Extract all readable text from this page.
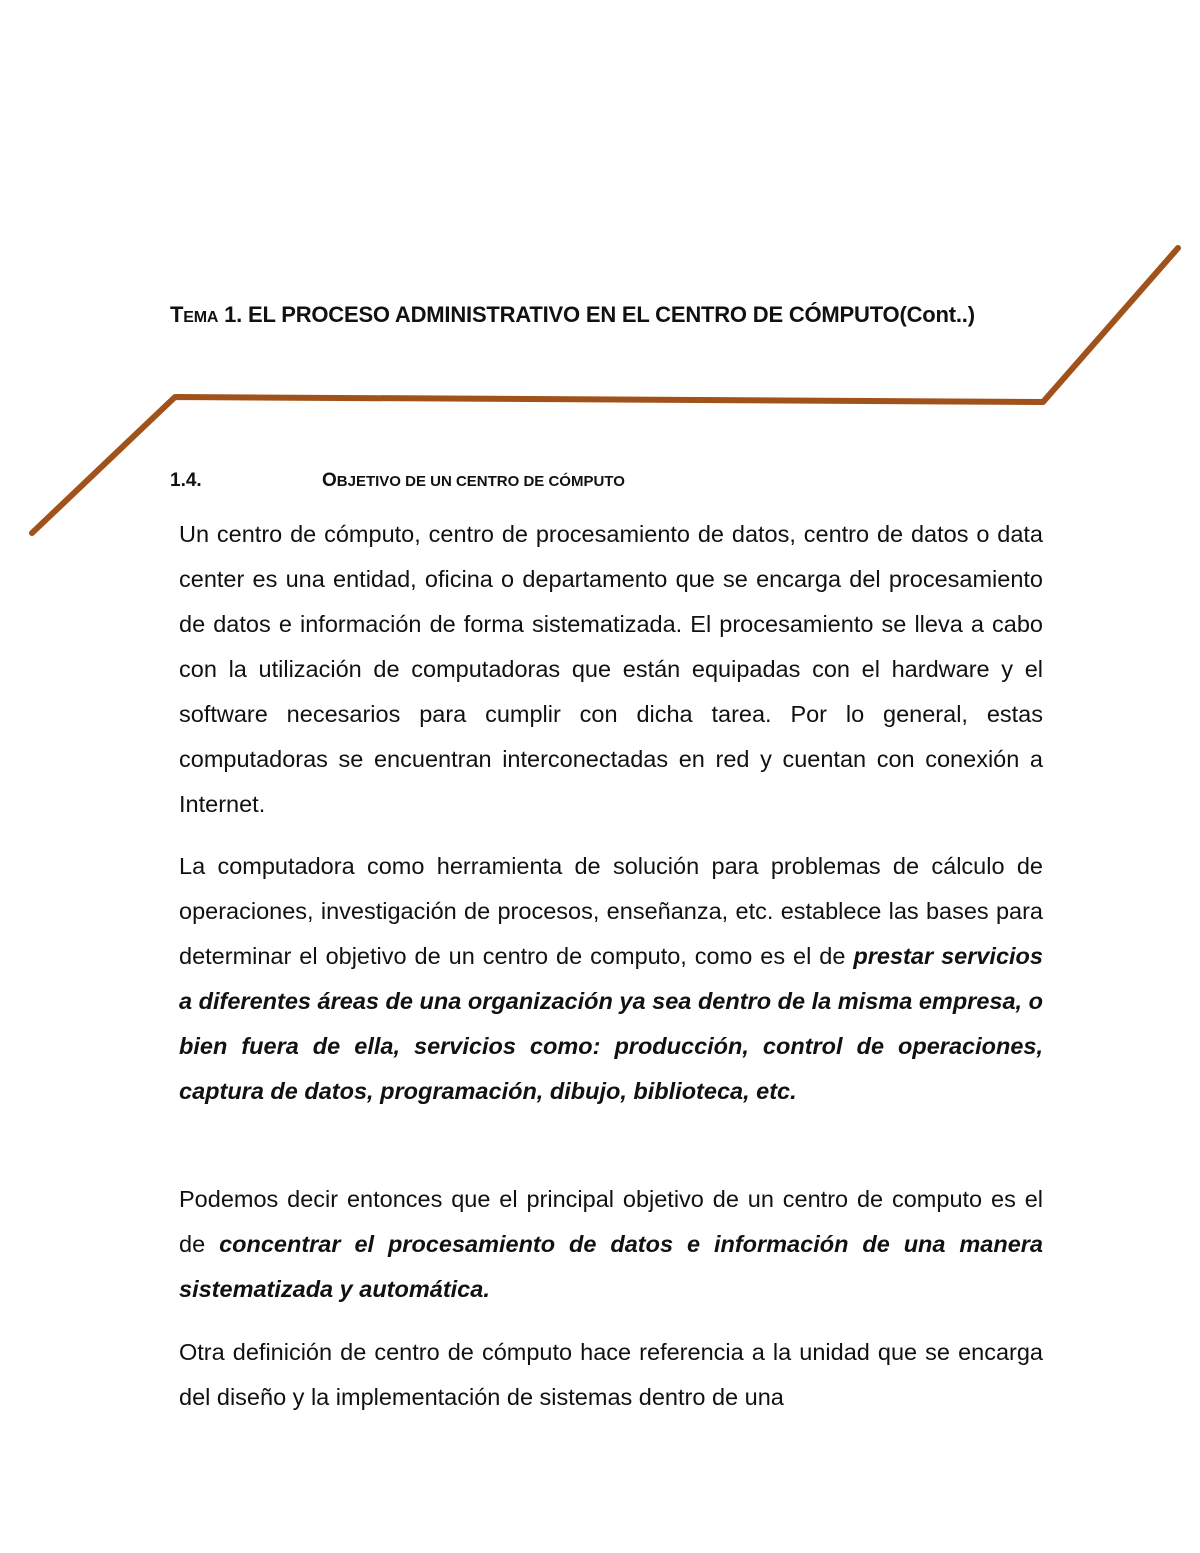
TEMA 1. EL PROCESO ADMINISTRATIVO EN EL CENTRO DE CÓMPUTO(Cont..)
1.4.	OBJETIVO DE UN CENTRO DE CÓMPUTO

Un centro de cómputo, centro de procesamiento de datos, centro de datos o data center es una entidad, oficina o departamento que se encarga del procesamiento de datos e información de forma sistematizada. El procesamiento se lleva a cabo con la utilización de computadoras que están equipadas con el hardware y el software necesarios para cumplir con dicha tarea. Por lo general, estas computadoras se encuentran interconectadas en red y cuentan con conexión a Internet.

La computadora como herramienta de solución para problemas de cálculo de operaciones, investigación de procesos, enseñanza, etc. establece las bases para determinar el objetivo de un centro de computo, como es el de prestar servicios a diferentes áreas de una organización ya sea dentro de la misma empresa, o bien fuera de ella, servicios como: producción, control de operaciones, captura de datos, programación, dibujo, biblioteca, etc.

Podemos decir entonces que el principal objetivo de un centro de computo es el de concentrar el procesamiento de datos e información de una manera sistematizada y automática.

Otra definición de centro de cómputo hace referencia a la unidad que se encarga del diseño y la implementación de sistemas dentro de una
